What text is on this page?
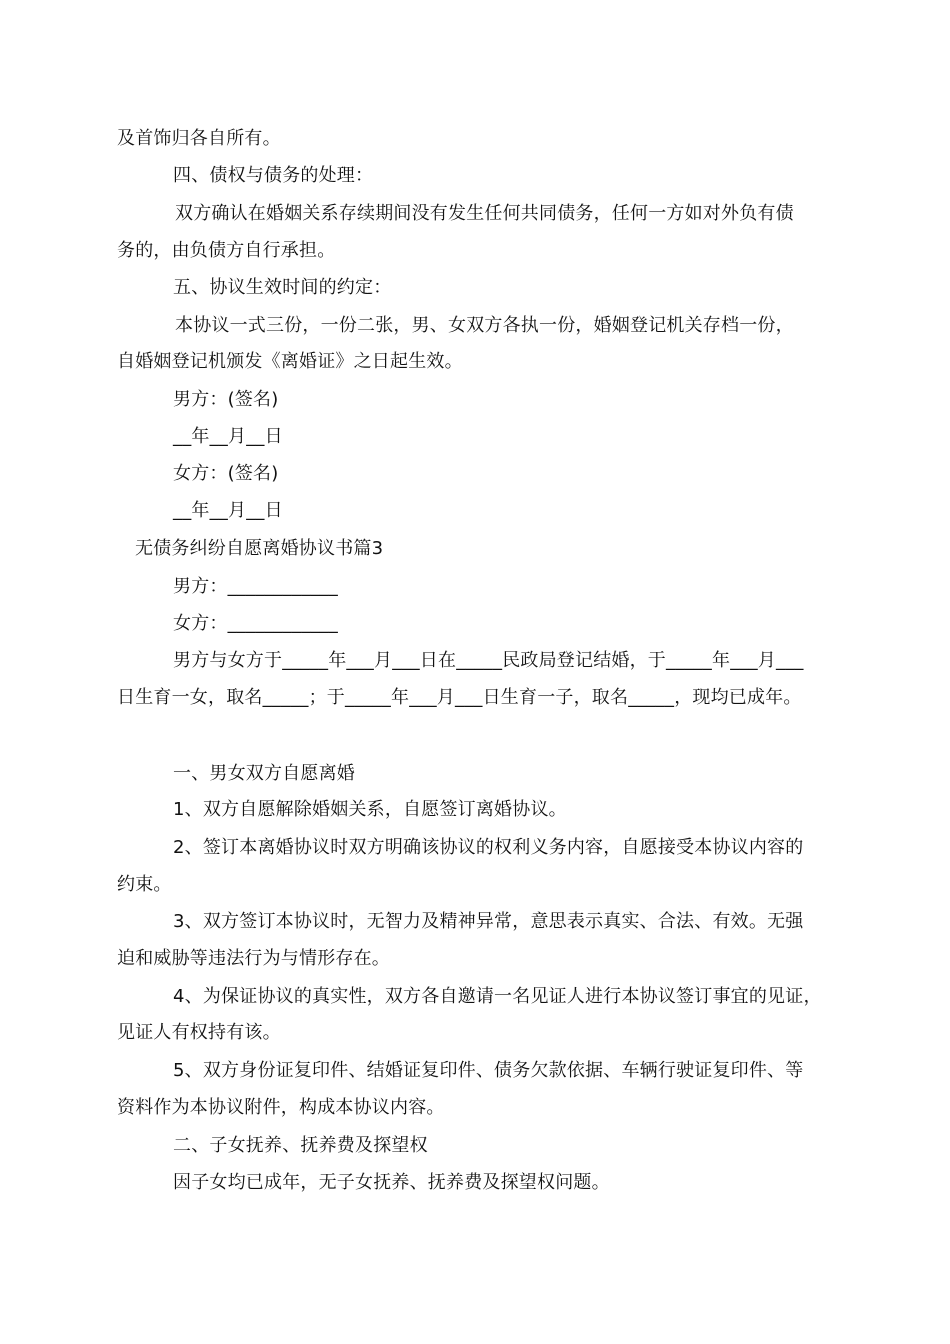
及首饰归各自所有。
四、债权与债务的处理：
双方确认在婚姻关系存续期间没有发生任何共同债务，任何一方如对外负有债
务的，由负债方自行承担。
五、协议生效时间的约定：
本协议一式三份，一份二张，男、女双方各执一份，婚姻登记机关存档一份，
自婚姻登记机颁发《离婚证》之日起生效。
男方：(签名)
__年__月__日
女方：(签名)
__年__月__日
无债务纠纷自愿离婚协议书篇3
男方：____________
女方：____________
男方与女方于_____年___月___日在_____民政局登记结婚，于_____年___月___
日生育一女，取名_____；于_____年___月___日生育一子，取名_____，现均已成年。
一、男女双方自愿离婚
1、双方自愿解除婚姻关系，自愿签订离婚协议。
2、签订本离婚协议时双方明确该协议的权利义务内容，自愿接受本协议内容的
约束。
3、双方签订本协议时，无智力及精神异常，意思表示真实、合法、有效。无强
迫和威胁等违法行为与情形存在。
4、为保证协议的真实性，双方各自邀请一名见证人进行本协议签订事宜的见证，
见证人有权持有该。
5、双方身份证复印件、结婚证复印件、债务欠款依据、车辆行驶证复印件、等
资料作为本协议附件，构成本协议内容。
二、子女抚养、抚养费及探望权
因子女均已成年，无子女抚养、抚养费及探望权问题。
